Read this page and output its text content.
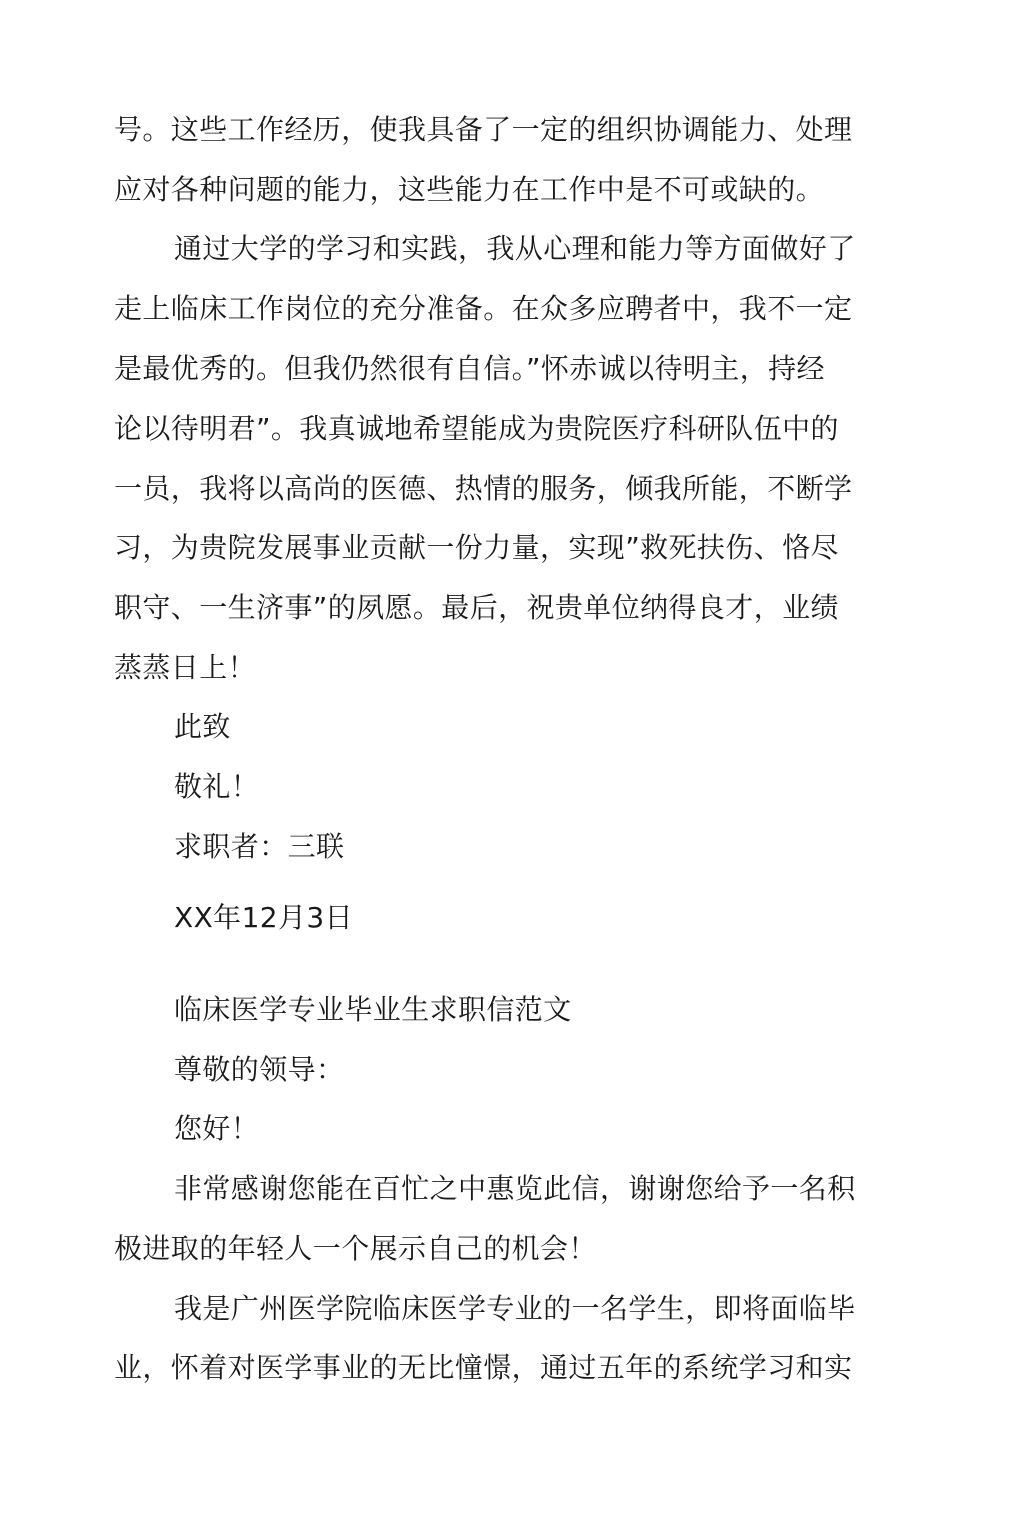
号。这些工作经历，使我具备了一定的组织协调能力、处理
应对各种问题的能力，这些能力在工作中是不可或缺的。
通过大学的学习和实践，我从心理和能力等方面做好了
走上临床工作岗位的充分准备。在众多应聘者中，我不一定
是最优秀的。但我仍然很有自信。”怀赤诚以待明主，持经
论以待明君”。我真诚地希望能成为贵院医疗科研队伍中的
一员，我将以高尚的医德、热情的服务，倾我所能，不断学
习，为贵院发展事业贡献一份力量，实现”救死扶伤、恪尽
职守、一生济事”的夙愿。最后，祝贵单位纳得良才，业绩
蒸蒸日上！
此致
敬礼！
求职者：三联
XX年12月3日
临床医学专业毕业生求职信范文
尊敬的领导：
您好！
非常感谢您能在百忙之中惠览此信，谢谢您给予一名积
极进取的年轻人一个展示自己的机会！
我是广州医学院临床医学专业的一名学生，即将面临毕
业，怀着对医学事业的无比憧憬，通过五年的系统学习和实
